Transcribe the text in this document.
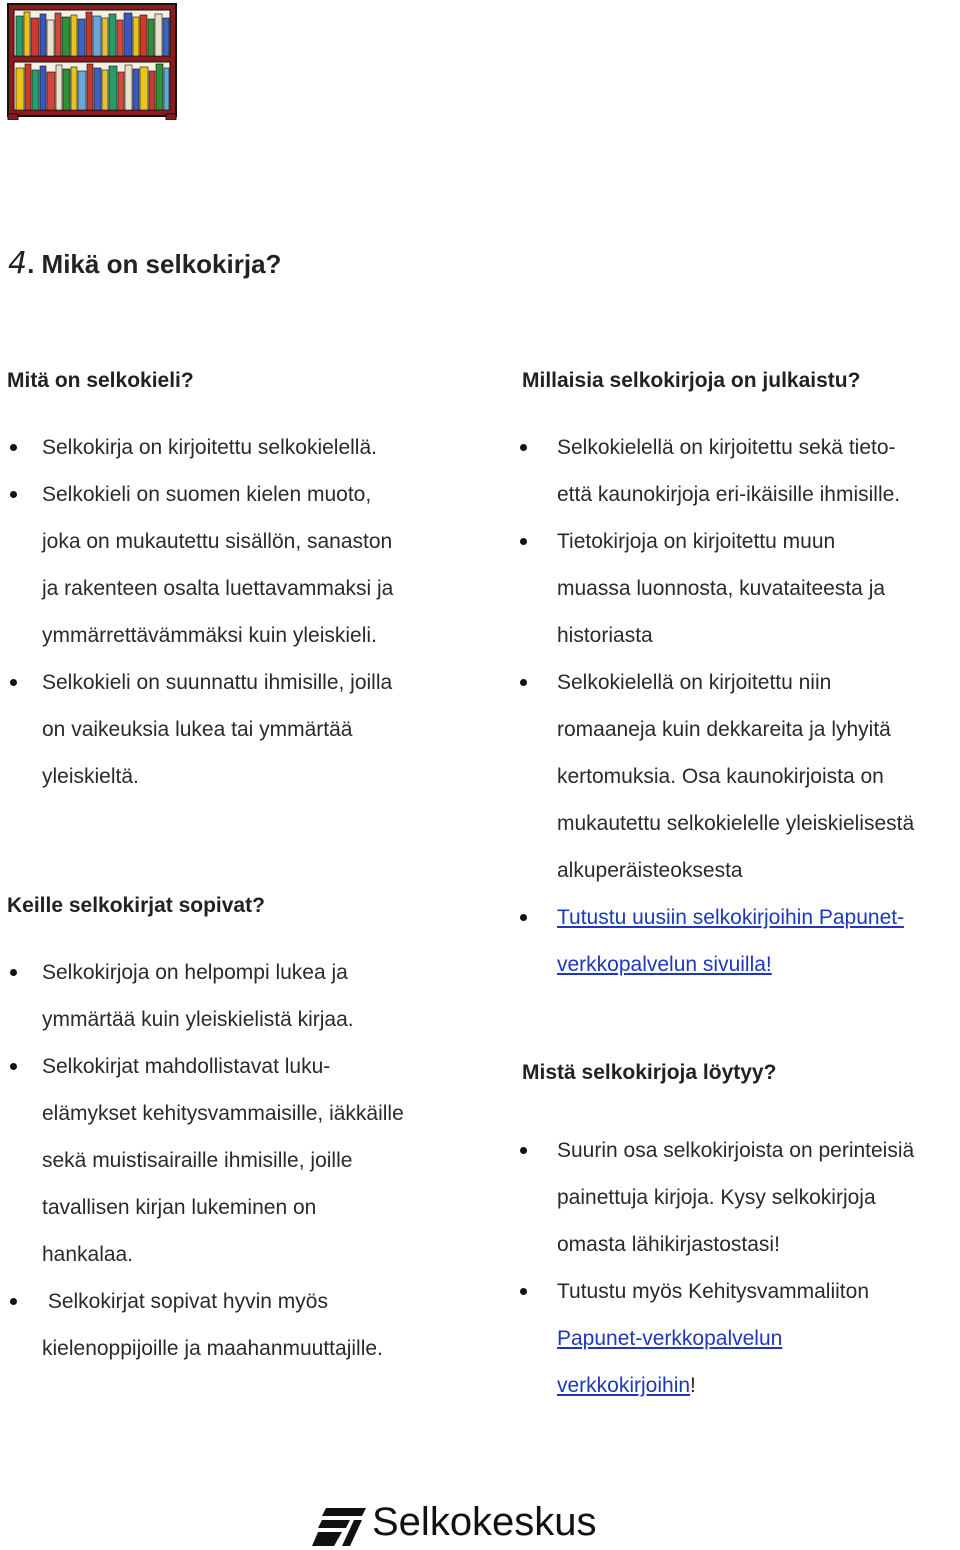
4. Mikä on selkokirja?
Mitä on selkokieli?
Selkokirja on kirjoitettu selkokielellä.
Selkokieli on suomen kielen muoto,
joka on mukautettu sisällön, sanaston
ja rakenteen osalta luettavammaksi ja
ymmärrettävämmäksi kuin yleiskieli.
Selkokieli on suunnattu ihmisille, joilla
on vaikeuksia lukea tai ymmärtää
yleiskieltä.
Keille selkokirjat sopivat?
Selkokirjoja on helpompi lukea ja
ymmärtää kuin yleiskielistä kirjaa.
Selkokirjat mahdollistavat luku-
elämykset kehitysvammaisille, iäkkäille
sekä muistisairaille ihmisille, joille
tavallisen kirjan lukeminen on
hankalaa.
Selkokirjat sopivat hyvin myös
kielenoppijoille ja maahanmuuttajille.
Millaisia selkokirjoja on julkaistu?
Selkokielellä on kirjoitettu sekä tieto-
että kaunokirjoja eri-ikäisille ihmisille.
Tietokirjoja on kirjoitettu muun
muassa luonnosta, kuvataiteesta ja
historiasta
Selkokielellä on kirjoitettu niin
romaaneja kuin dekkareita ja lyhyitä
kertomuksia. Osa kaunokirjoista on
mukautettu selkokielelle yleiskielisestä
alkuperäisteoksesta
Tutustu uusiin selkokirjoihin Papunet-
verkkopalvelun sivuilla!
Mistä selkokirjoja löytyy?
Suurin osa selkokirjoista on perinteisiä
painettuja kirjoja. Kysy selkokirjoja
omasta lähikirjastostasi!
Tutustu myös Kehitysvammaliiton
Papunet-verkkopalvelun
verkkokirjoihin!
Selkokeskus
